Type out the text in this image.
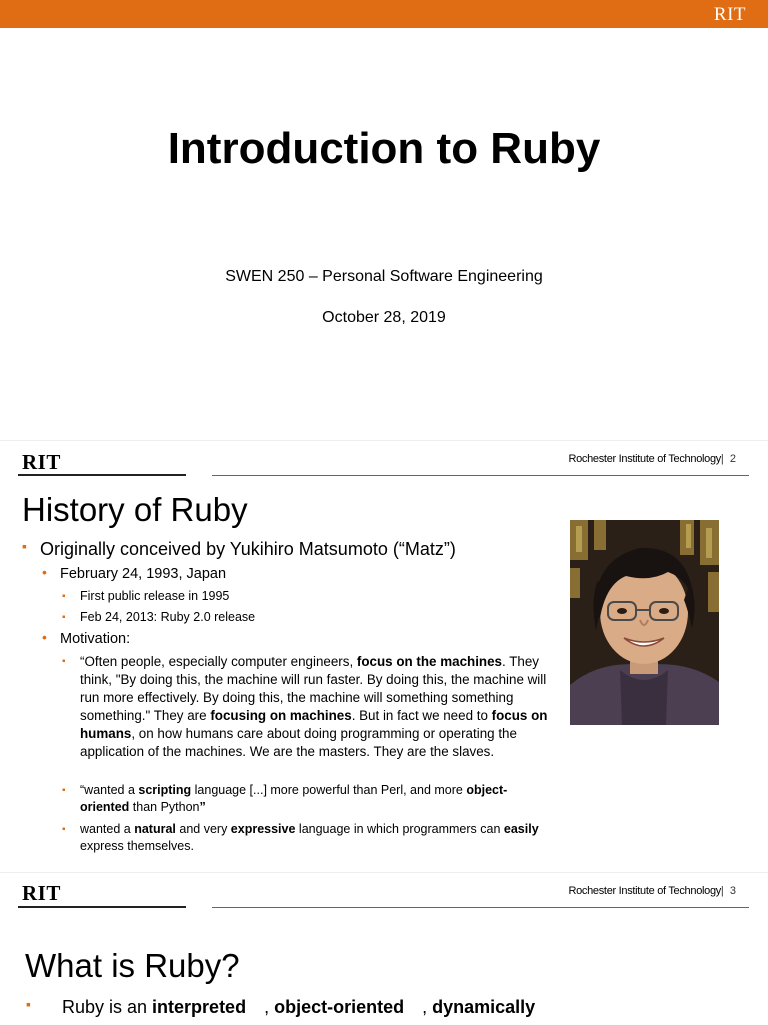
RIT
Introduction to Ruby
SWEN 250 – Personal Software Engineering
October 28, 2019
RIT	Rochester Institute of Technology | 2
History of Ruby
▪ Originally conceived by Yukihiro Matsumoto (“Matz”)
• February 24, 1993, Japan
▪ First public release in 1995
▪ Feb 24, 2013: Ruby 2.0 release
• Motivation:
▪ “Often people, especially computer engineers, focus on the machines. They think, "By doing this, the machine will run faster. By doing this, the machine will run more effectively. By doing this, the machine will something something something." They are focusing on machines. But in fact we need to focus on humans, on how humans care about doing programming or operating the application of the machines. We are the masters. They are the slaves.
▪ “wanted a scripting language [...] more powerful than Perl, and more object-oriented than Python”
▪ wanted a natural and very expressive language in which programmers can easily express themselves.
RIT	Rochester Institute of Technology | 3
What is Ruby?
▪ Ruby is an interpreted , object-oriented , dynamically
